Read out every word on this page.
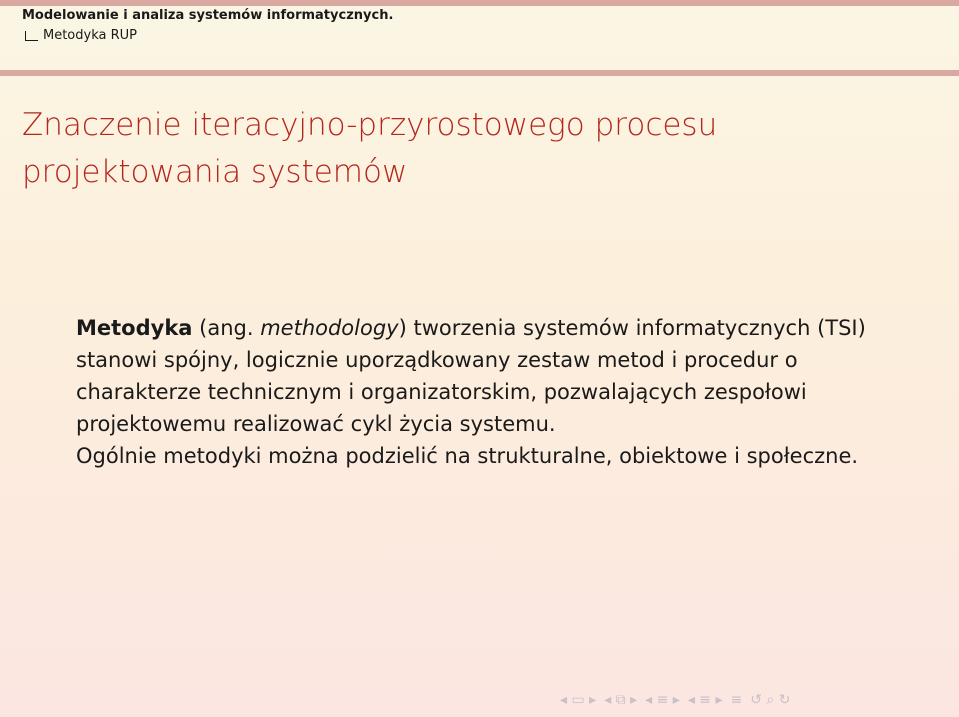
Modelowanie i analiza systemów informatycznych.
Metodyka RUP
Znaczenie iteracyjno-przyrostowego procesu
projektowania systemów
Metodyka (ang. methodology) tworzenia systemów informatycznych (TSI) stanowi spójny, logicznie uporządkowany zestaw metod i procedur o charakterze technicznym i organizatorskim, pozwalających zespołowi projektowemu realizować cykl życia systemu.
Ogólnie metodyki można podzielić na strukturalne, obiektowe i społeczne.
◂ ▭ ▸ ◂ ⧉ ▸ ◂ ≡ ▸ ◂ ≡ ▸ ≡ ↺ ⌕ ↻
